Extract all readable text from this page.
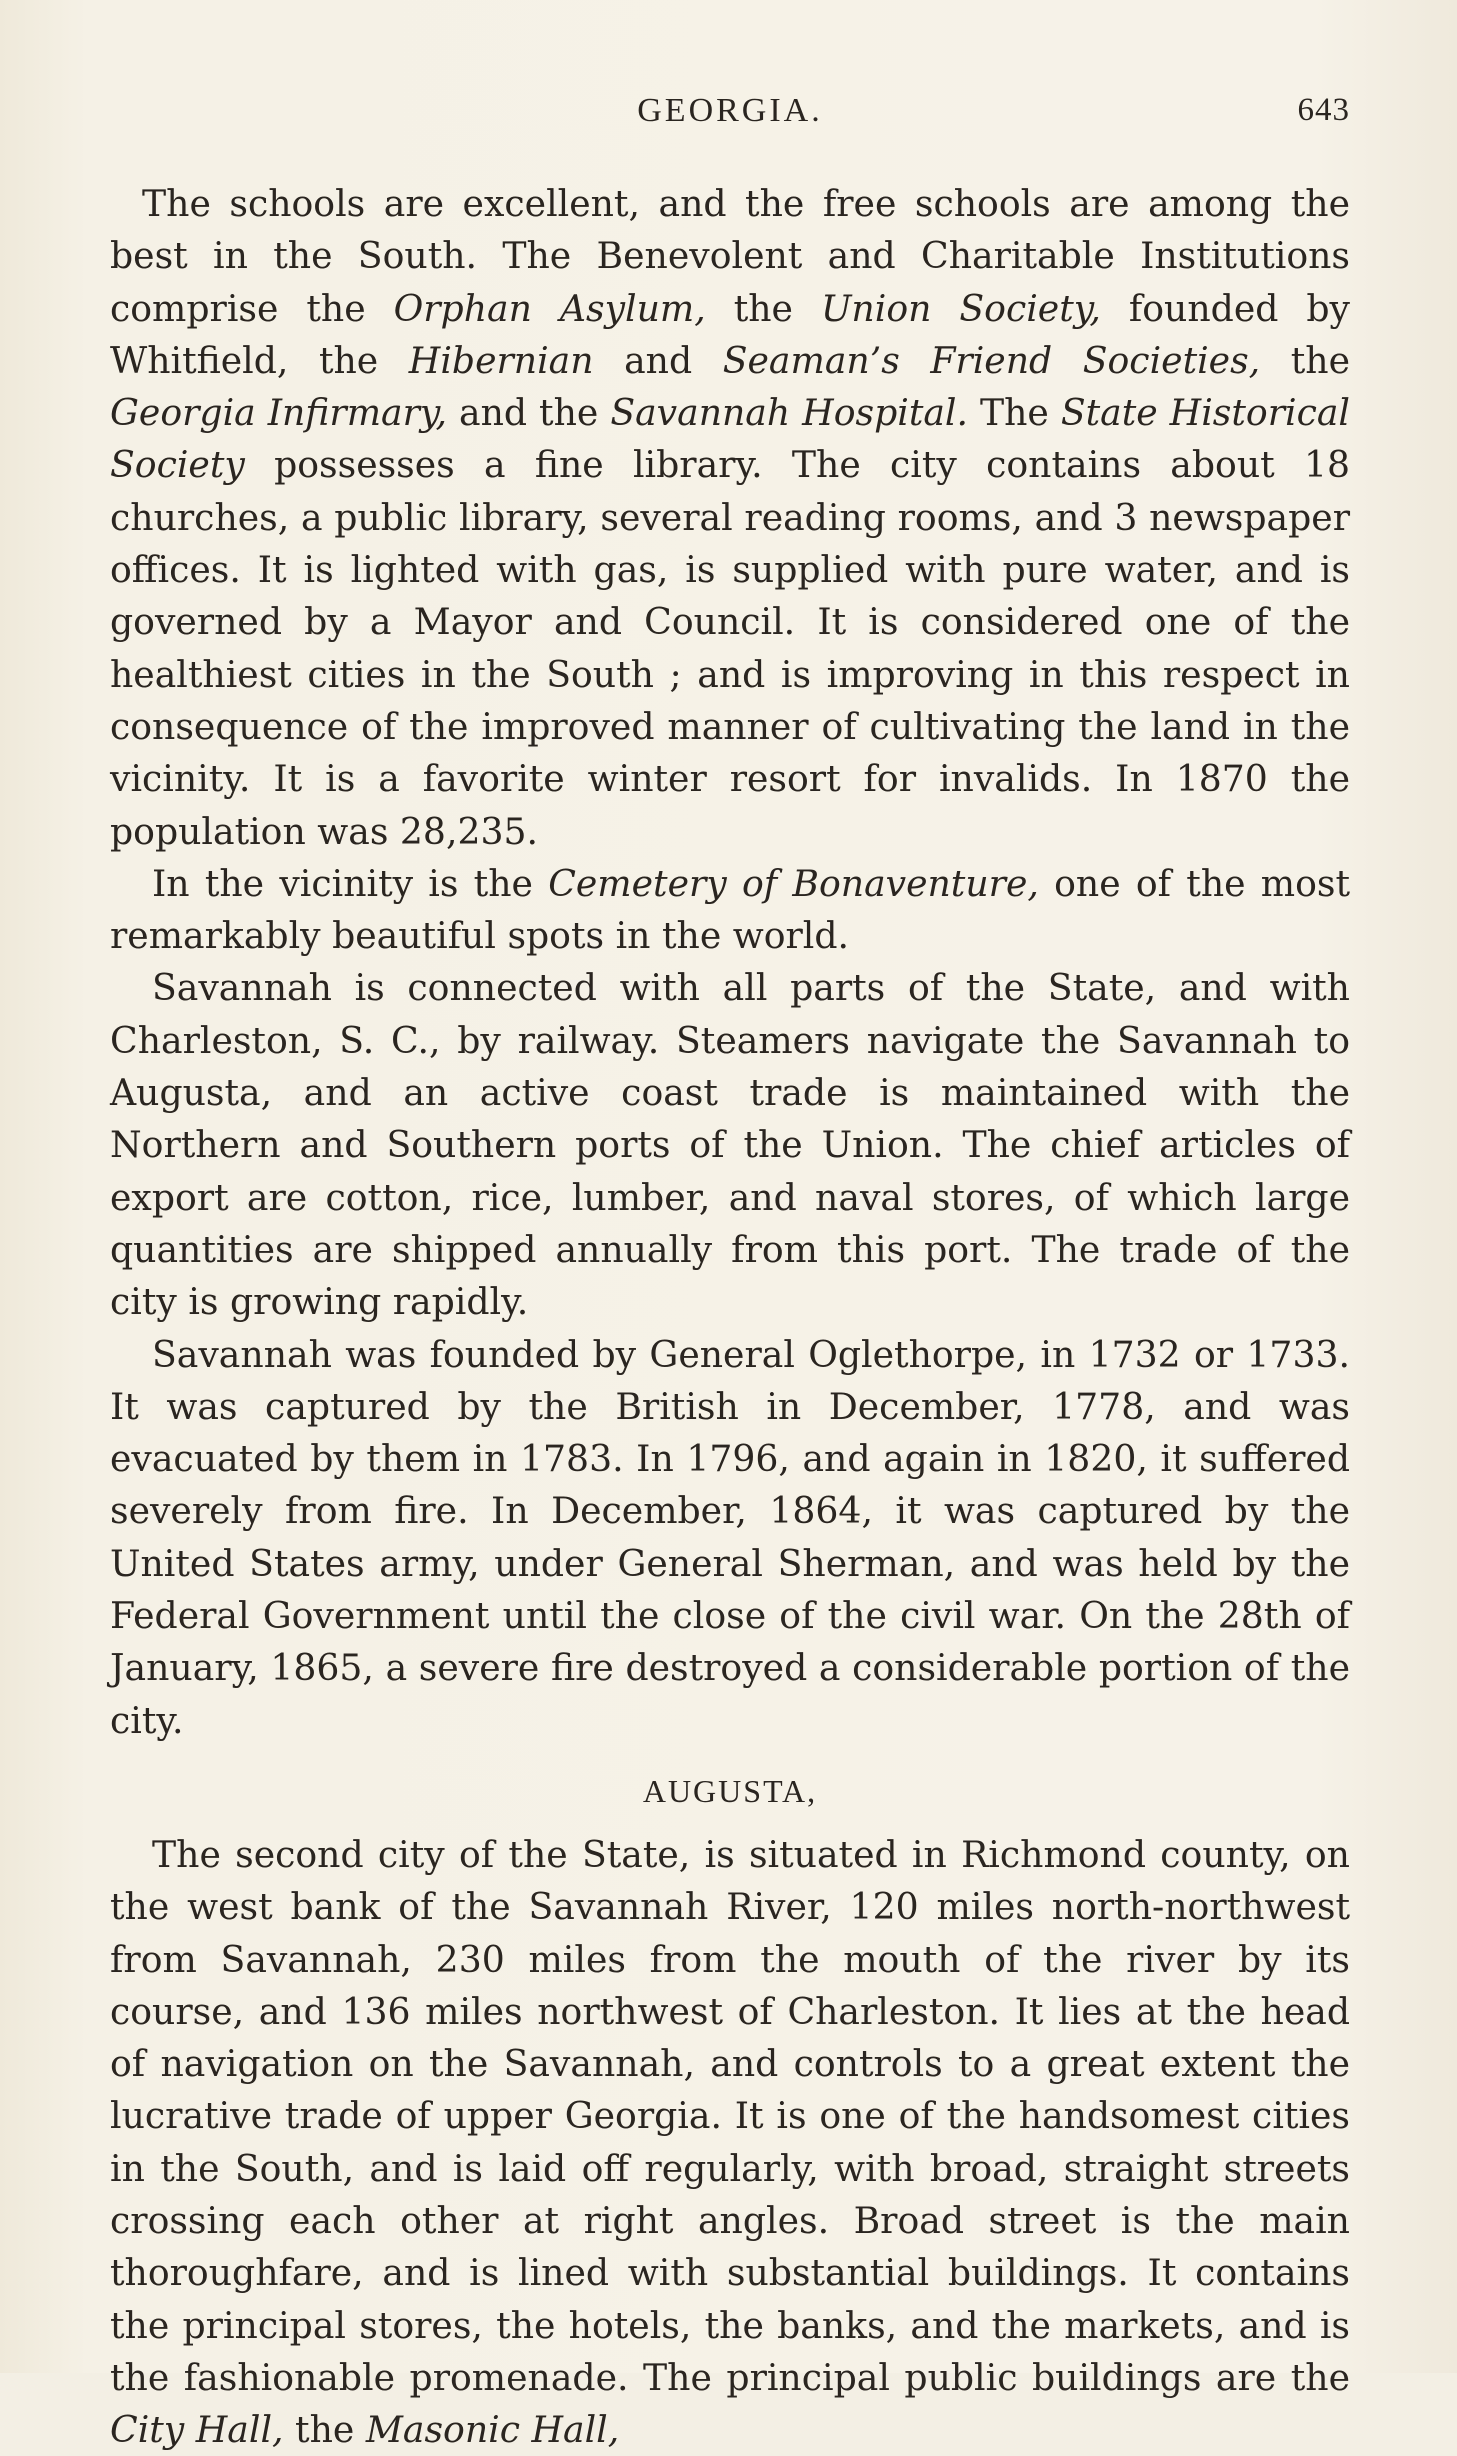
GEORGIA.	643

The schools are excellent, and the free schools are among the best in the South. The Benevolent and Charitable Institutions comprise the Orphan Asylum, the Union Society, founded by Whitfield, the Hibernian and Seaman’s Friend Societies, the Georgia Infirmary, and the Savannah Hospital. The State Historical Society possesses a fine library. The city contains about 18 churches, a public library, several reading rooms, and 3 newspaper offices. It is lighted with gas, is supplied with pure water, and is governed by a Mayor and Council. It is considered one of the healthiest cities in the South ; and is improving in this respect in consequence of the improved manner of cultivating the land in the vicinity. It is a favorite winter resort for invalids. In 1870 the population was 28,235.

In the vicinity is the Cemetery of Bonaventure, one of the most remarkably beautiful spots in the world.

Savannah is connected with all parts of the State, and with Charleston, S. C., by railway. Steamers navigate the Savannah to Augusta, and an active coast trade is maintained with the Northern and Southern ports of the Union. The chief articles of export are cotton, rice, lumber, and naval stores, of which large quantities are shipped annually from this port. The trade of the city is growing rapidly.

Savannah was founded by General Oglethorpe, in 1732 or 1733. It was captured by the British in December, 1778, and was evacuated by them in 1783. In 1796, and again in 1820, it suffered severely from fire. In December, 1864, it was captured by the United States army, under General Sherman, and was held by the Federal Government until the close of the civil war. On the 28th of January, 1865, a severe fire destroyed a considerable portion of the city.

AUGUSTA,

The second city of the State, is situated in Richmond county, on the west bank of the Savannah River, 120 miles north-northwest from Savannah, 230 miles from the mouth of the river by its course, and 136 miles northwest of Charleston. It lies at the head of navigation on the Savannah, and controls to a great extent the lucrative trade of upper Georgia. It is one of the handsomest cities in the South, and is laid off regularly, with broad, straight streets crossing each other at right angles. Broad street is the main thoroughfare, and is lined with substantial buildings. It contains the principal stores, the hotels, the banks, and the markets, and is the fashionable promenade. The principal public buildings are the City Hall, the Masonic Hall,
